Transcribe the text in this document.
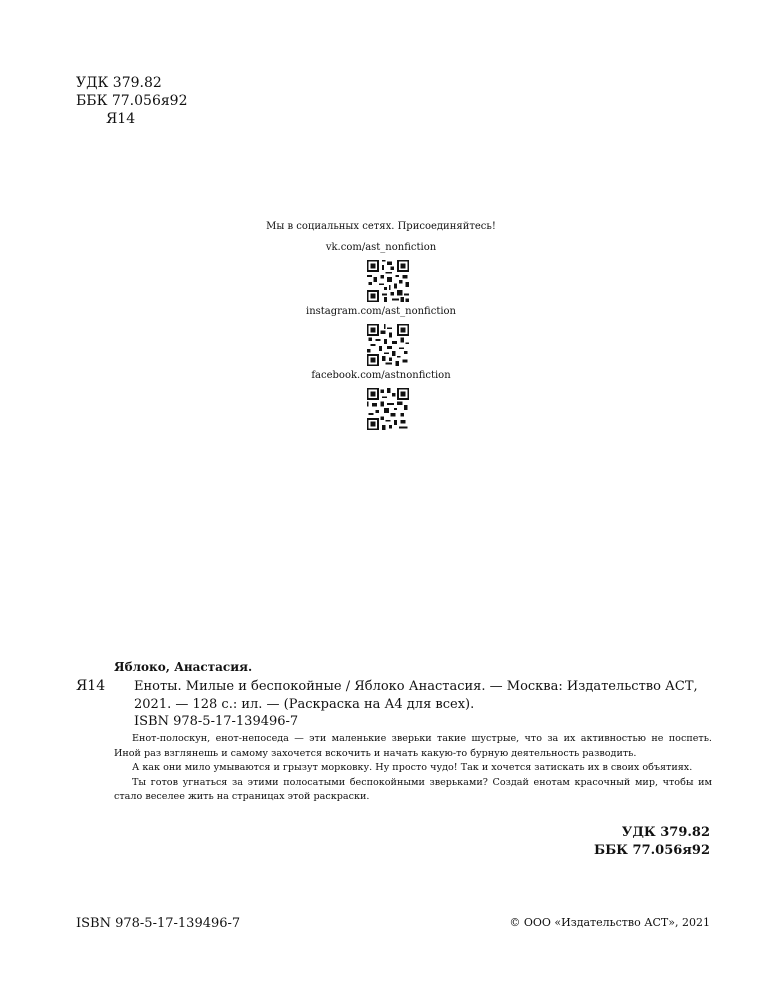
УДК 379.82
ББК 77.056я92
Я14
Мы в социальных сетях. Присоединяйтесь!
vk.com/ast_nonfiction
instagram.com/ast_nonfiction
facebook.com/astnonfiction
Яблоко, Анастасия.
Я14 Еноты. Милые и беспокойные / Яблоко Анастасия. — Москва: Издательство АСТ, 2021. — 128 с.: ил. — (Раскраска на А4 для всех).
ISBN 978-5-17-139496-7

Енот-полоскун, енот-непоседа — эти маленькие зверьки такие шустрые, что за их активностью не поспеть. Иной раз взглянешь и самому захочется вскочить и начать какую-то бурную деятельность разводить.

А как они мило умываются и грызут морковку. Ну просто чудо! Так и хочется затискать их в своих объятиях.

Ты готов угнаться за этими полосатыми беспокойными зверьками? Создай енотам красочный мир, чтобы им стало веселее жить на страницах этой раскраски.

УДК 379.82
ББК 77.056я92
ISBN 978-5-17-139496-7	© ООО «Издательство АСТ», 2021
